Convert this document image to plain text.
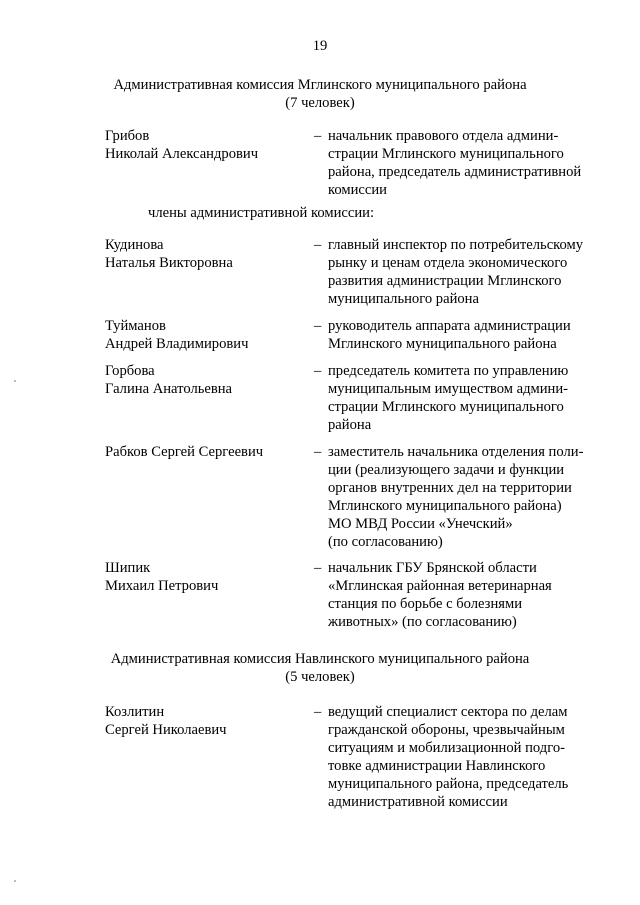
19
Административная комиссия Мглинского муниципального района
(7 человек)
Грибов
Николай Александрович
– начальник правового отдела админи-
страции Мглинского муниципального
района, председатель административной
комиссии
члены административной комиссии:
Кудинова
Наталья Викторовна
– главный инспектор по потребительскому
рынку и ценам отдела экономического
развития администрации Мглинского
муниципального района
Туйманов
Андрей Владимирович
– руководитель аппарата администрации
Мглинского муниципального района
Горбова
Галина Анатольевна
– председатель комитета по управлению
муниципальным имуществом админи-
страции Мглинского муниципального
района
Рабков Сергей Сергеевич	– заместитель начальника отделения поли-
ции (реализующего задачи и функции
органов внутренних дел на территории
Мглинского муниципального района)
МО МВД России «Унечский»
(по согласованию)
Шипик
Михаил Петрович
– начальник ГБУ Брянской области
«Мглинская районная ветеринарная
станция по борьбе с болезнями
животных» (по согласованию)
Административная комиссия Навлинского муниципального района
(5 человек)
Козлитин
Сергей Николаевич
– ведущий специалист сектора по делам
гражданской обороны, чрезвычайным
ситуациям и мобилизационной подго-
товке администрации Навлинского
муниципального района, председатель
административной комиссии
